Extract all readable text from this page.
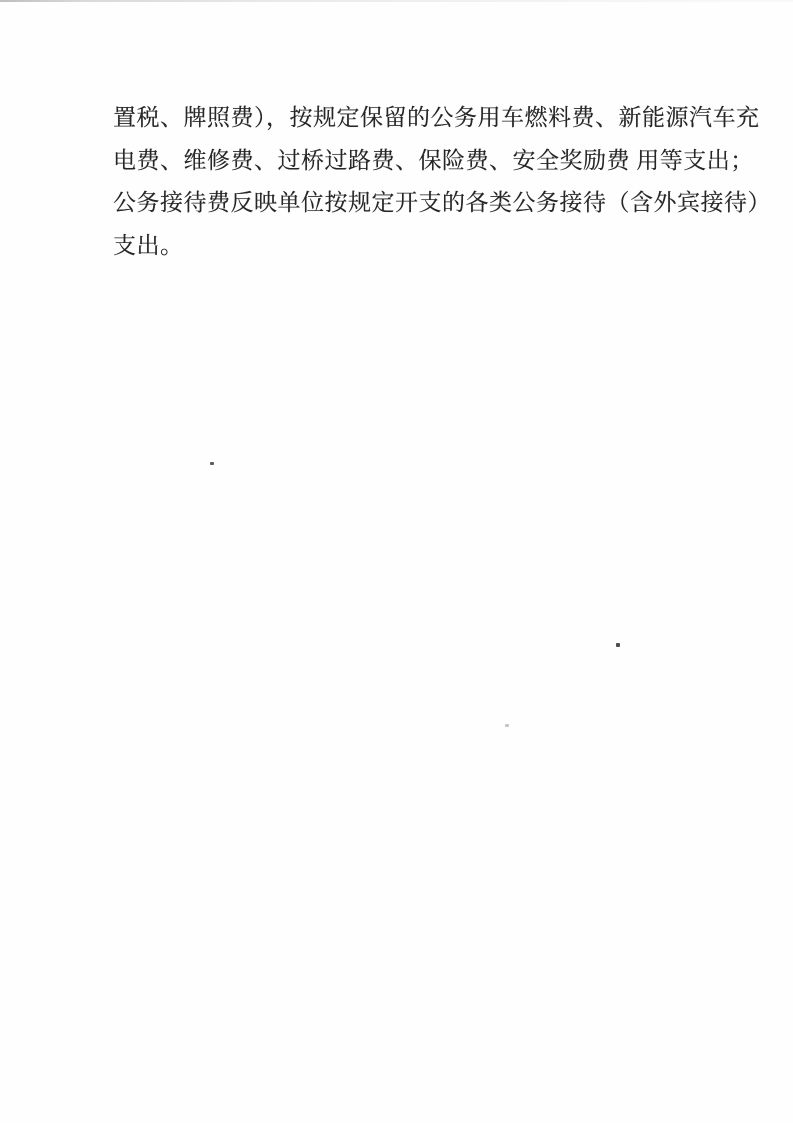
置税、牌照费），按规定保留的公务用车燃料费、新能源汽车充
电费、维修费、过桥过路费、保险费、安全奖励费 用等支出；
公务接待费反映单位按规定开支的各类公务接待（含外宾接待）
支出。
